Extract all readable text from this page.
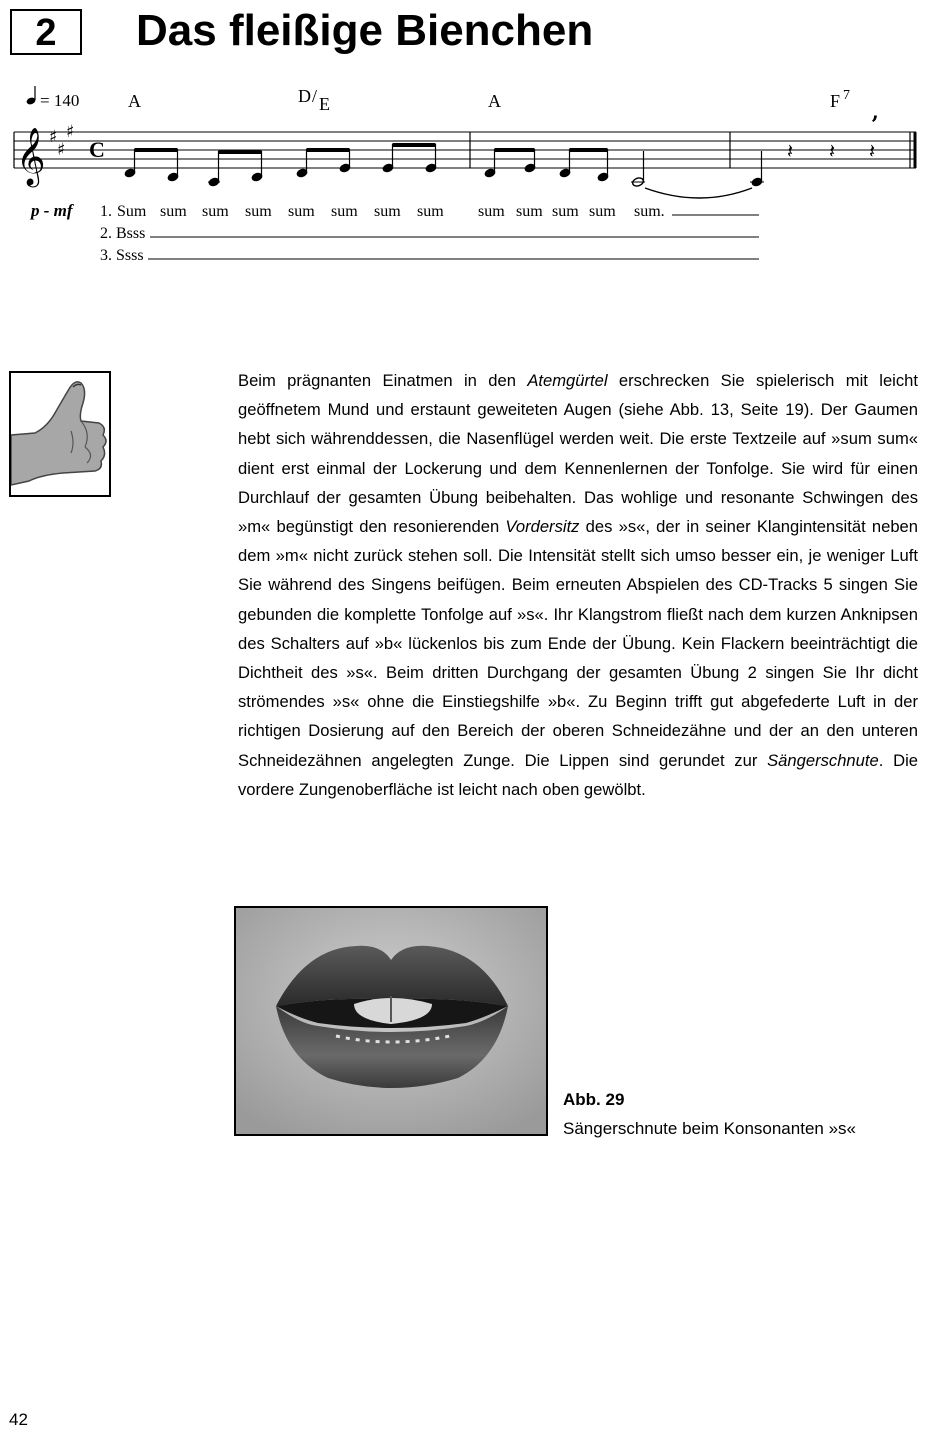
2	Das fleißige Bienchen
= 140	A	D / E	A	F 7
𝄞 ♯
♯
♯
C	𝄽 𝄽 𝄽
’
p - mf 1. Sum sum sum sum sum sum sum sum sum sum sum sum sum.
2. Bsss
3. Ssss

Beim prägnanten Einatmen in den Atemgürtel erschrecken Sie spielerisch mit leicht geöffnetem Mund und erstaunt geweiteten Augen (siehe Abb. 13, Seite 19). Der Gaumen hebt sich währenddessen, die Nasenflügel werden weit. Die erste Textzeile auf »sum sum« dient erst einmal der Lockerung und dem Kennenlernen der Tonfolge. Sie wird für einen Durchlauf der gesamten Übung beibehalten. Das wohlige und resonante Schwingen des »m« begünstigt den resonierenden Vordersitz des »s«, der in seiner Klangintensität neben dem »m« nicht zurück stehen soll. Die Intensität stellt sich umso besser ein, je weniger Luft Sie während des Singens beifügen. Beim erneuten Abspielen des CD-Tracks 5 singen Sie gebunden die komplette Tonfolge auf »s«. Ihr Klangstrom fließt nach dem kurzen Anknipsen des Schalters auf »b« lückenlos bis zum Ende der Übung. Kein Flackern beeinträchtigt die Dichtheit des »s«. Beim dritten Durchgang der gesamten Übung 2 singen Sie Ihr dicht strömendes »s« ohne die Einstiegshilfe »b«. Zu Beginn trifft gut abgefederte Luft in der richtigen Dosierung auf den Bereich der oberen Schneidezähne und der an den unteren Schneidezähnen angelegten Zunge. Die Lippen sind gerundet zur Sängerschnute. Die vordere Zungenoberfläche ist leicht nach oben gewölbt.

Abb. 29
Sängerschnute beim Konsonanten »s«
42
